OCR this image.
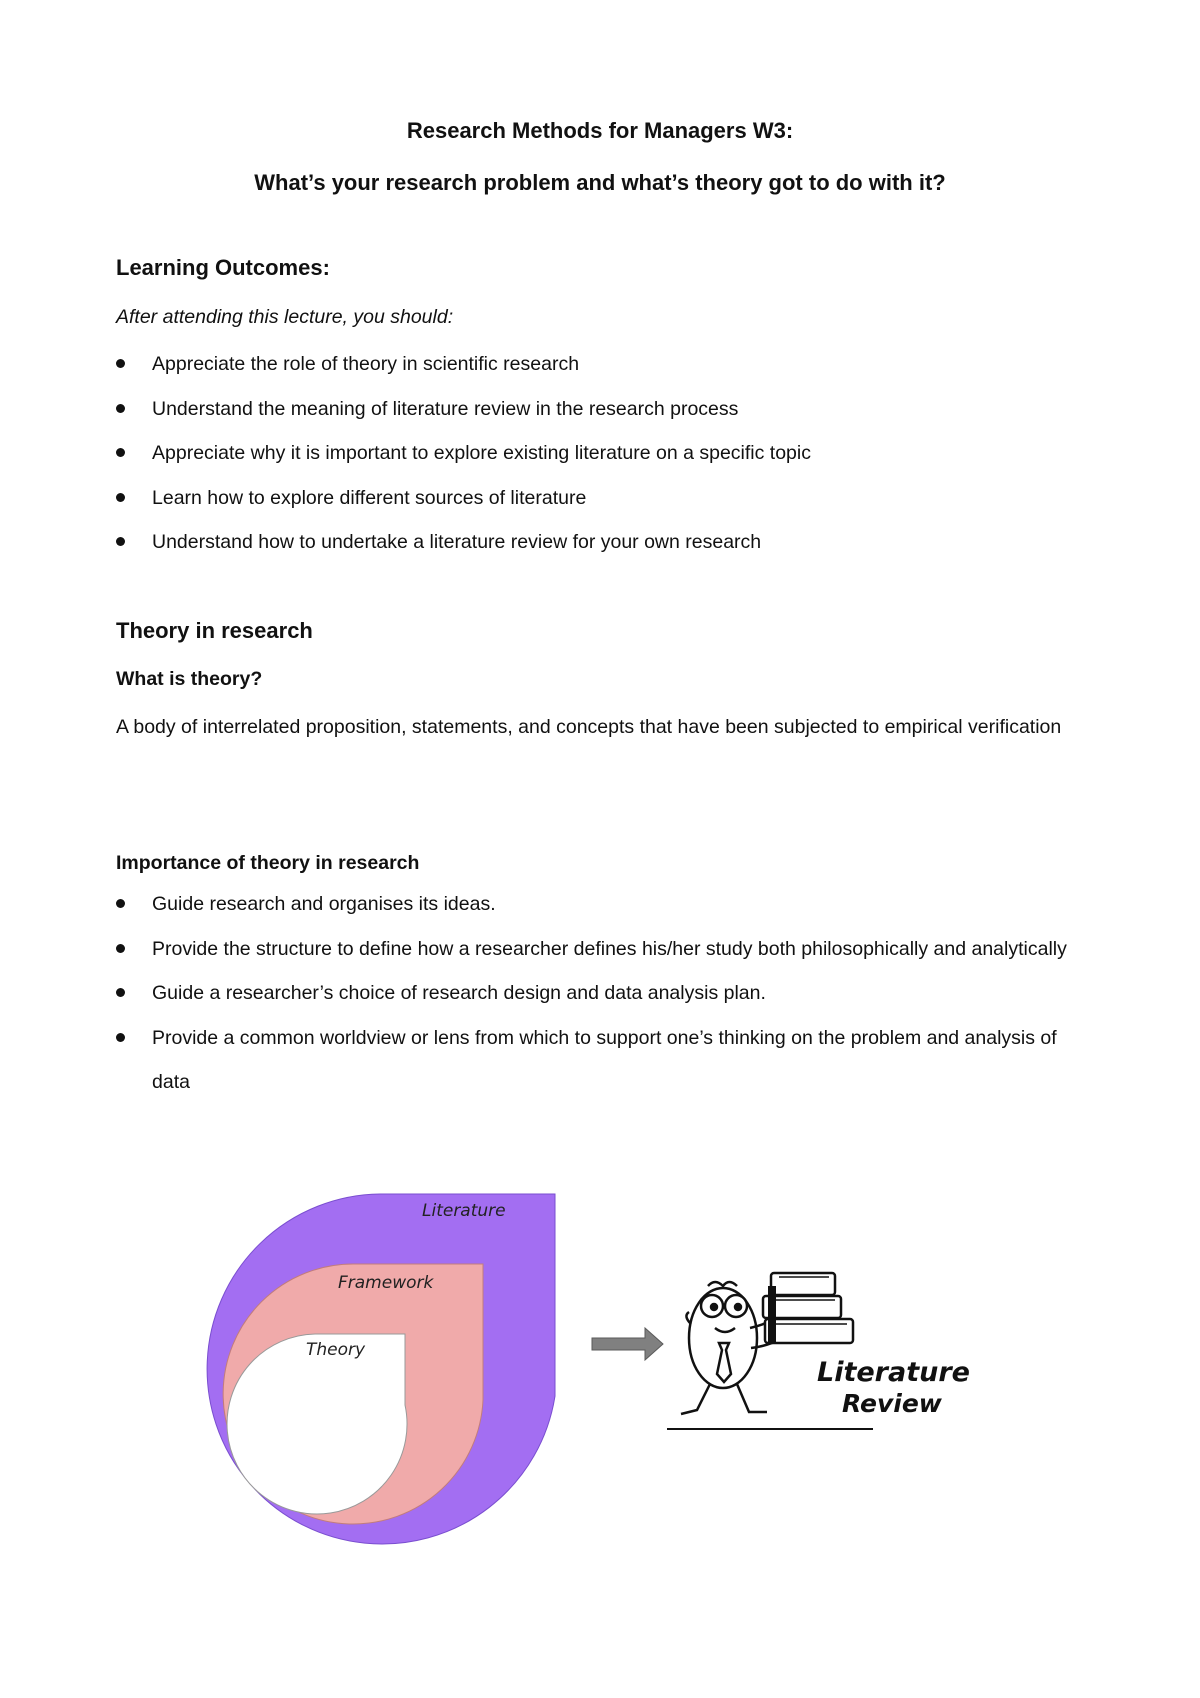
Research Methods for Managers W3:
What’s your research problem and what’s theory got to do with it?
Learning Outcomes:

After attending this lecture, you should:

Appreciate the role of theory in scientific research
Understand the meaning of literature review in the research process
Appreciate why it is important to explore existing literature on a specific topic
Learn how to explore different sources of literature
Understand how to undertake a literature review for your own research
Theory in research
What is theory?

A body of interrelated proposition, statements, and concepts that have been subjected to empirical verification

Importance of theory in research
Guide research and organises its ideas.
Provide the structure to define how a researcher defines his/her study both philosophically and analytically
Guide a researcher’s choice of research design and data analysis plan.
Provide a common worldview or lens from which to support one’s thinking on the problem and analysis of data
Literature
Framework
Theory
Literature
Review
